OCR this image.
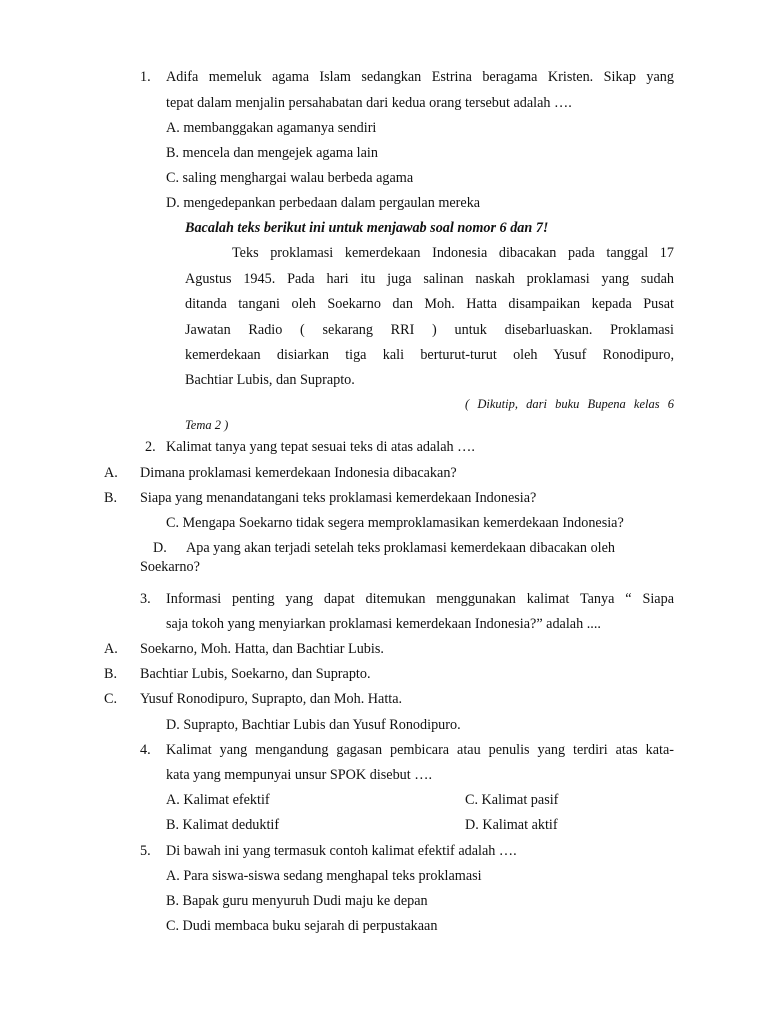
1. Adifa memeluk agama Islam sedangkan Estrina beragama Kristen. Sikap yang
tepat dalam menjalin persahabatan dari kedua orang tersebut adalah ….
A. membanggakan agamanya sendiri
B. mencela dan mengejek agama lain
C. saling menghargai walau berbeda agama
D. mengedepankan perbedaan dalam pergaulan mereka
Bacalah teks berikut ini untuk menjawab soal nomor 6 dan 7!
Teks proklamasi kemerdekaan Indonesia dibacakan pada tanggal 17
Agustus 1945. Pada hari itu juga salinan naskah proklamasi yang sudah
ditanda tangani oleh Soekarno dan Moh. Hatta disampaikan kepada Pusat
Jawatan Radio ( sekarang RRI ) untuk disebarluaskan. Proklamasi
kemerdekaan disiarkan tiga kali berturut-turut oleh Yusuf Ronodipuro,
Bachtiar Lubis, dan Suprapto.
( Dikutip, dari buku Bupena kelas 6
Tema 2 )
2. Kalimat tanya yang tepat sesuai teks di atas adalah ….
A. Dimana proklamasi kemerdekaan Indonesia dibacakan?
B. Siapa yang menandatangani teks proklamasi kemerdekaan Indonesia?
C. Mengapa Soekarno tidak segera memproklamasikan kemerdekaan Indonesia?
D. Apa yang akan terjadi setelah teks proklamasi kemerdekaan dibacakan oleh
Soekarno?
3. Informasi penting yang dapat ditemukan menggunakan kalimat Tanya “ Siapa
saja tokoh yang menyiarkan proklamasi kemerdekaan Indonesia?” adalah ....
A. Soekarno, Moh. Hatta, dan Bachtiar Lubis.
B. Bachtiar Lubis, Soekarno, dan Suprapto.
C. Yusuf Ronodipuro, Suprapto, dan Moh. Hatta.
D. Suprapto, Bachtiar Lubis dan Yusuf Ronodipuro.
4. Kalimat yang mengandung gagasan pembicara atau penulis yang terdiri atas kata-
kata yang mempunyai unsur SPOK disebut ….
A. Kalimat efektif	C. Kalimat pasif
B. Kalimat deduktif	D. Kalimat aktif
5. Di bawah ini yang termasuk contoh kalimat efektif adalah ….
A. Para siswa-siswa sedang menghapal teks proklamasi
B. Bapak guru menyuruh Dudi maju ke depan
C. Dudi membaca buku sejarah di perpustakaan
